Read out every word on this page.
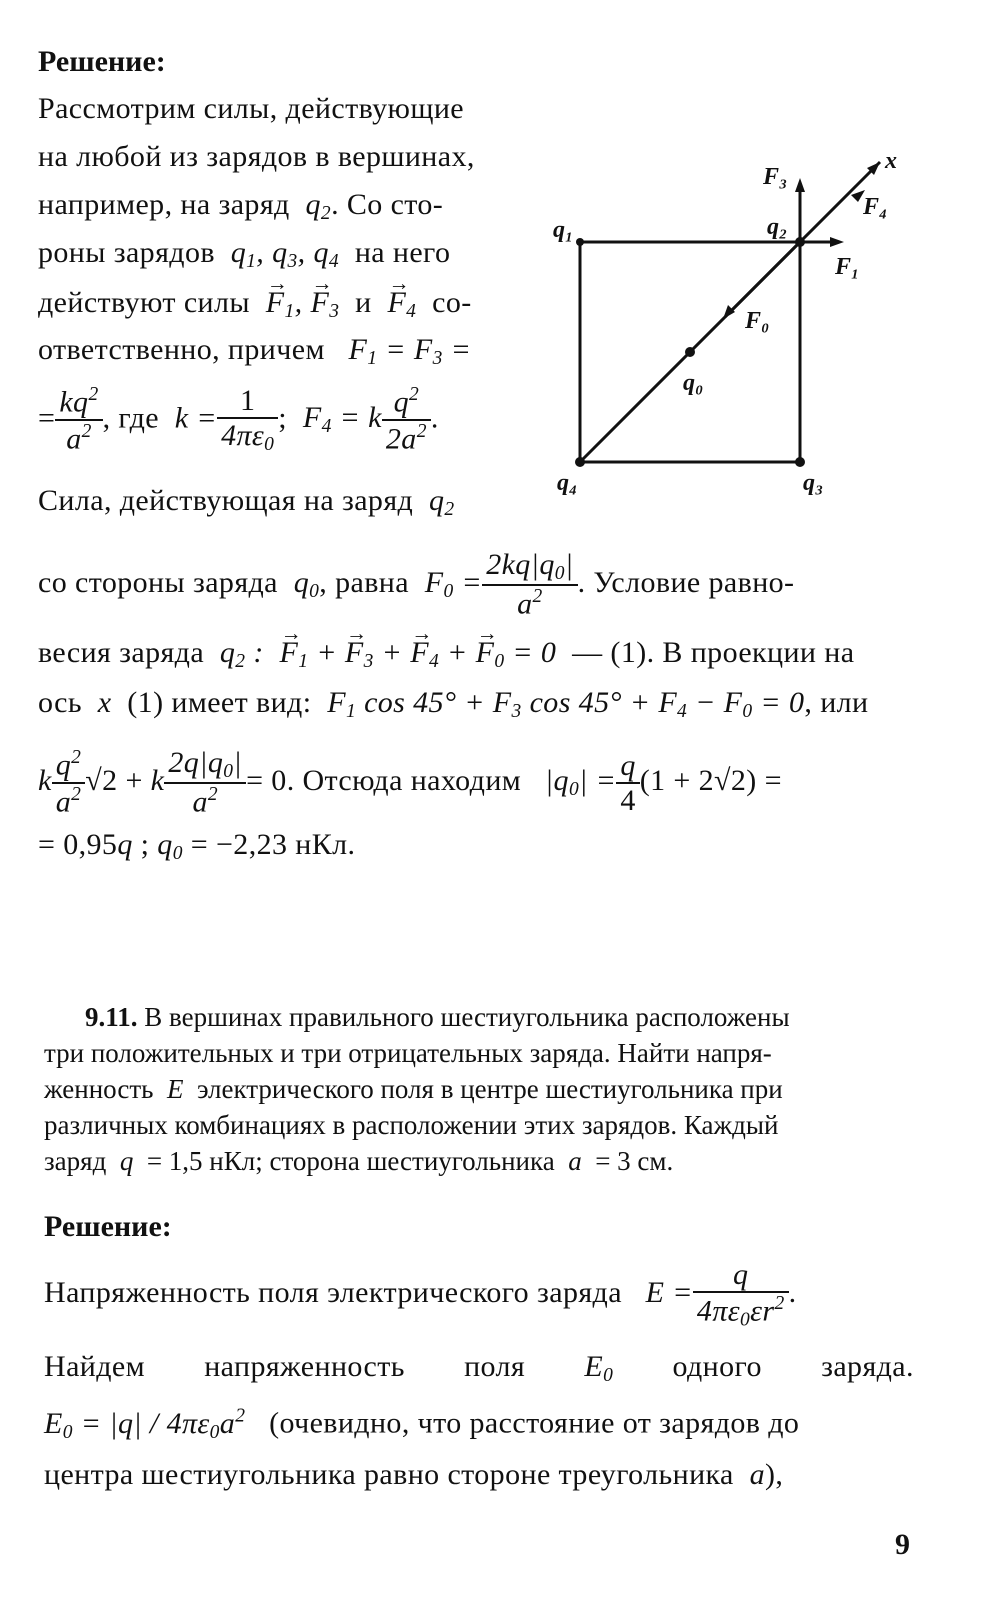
Решение:
Рассмотрим силы, действующие
на любой из зарядов в вершинах,
например, на заряд  $q_2$. Со сто-
роны зарядов  $q_1$, $q_3$, $q_4$ на него
действуют силы → $F_1$, → $F_3$ $и \to F_4$ со-
ответственно, причем   $F_1 = F_3$ =
= $\frac{kq^2}{a^2}$ , где  $k = \frac{1}{4\pi\varepsilon_0}$ ;  $F_4 = k \frac{q^2}{2a^2}$ .
Сила, действующая на заряд  $q_2$
q₁	q₂
q₃
q₄
q₀
x
F₃
F₄
F₁
F₀
со стороны заряда  $q_0$, равна  $F_0 = \frac{2kq|q_0|}{a^2}$ . Условие равно-
весия заряда  $q_2$ :  → $F_1$ + → $F_3$ + → $F_4$ + → $F_0 = 0$  — (1). В проекции на
ось  x  (1) имеет вид:  $F_1$ $\cos 45^\circ + F_3$ $\cos 45^\circ + F_4 - F_0 = 0$, или
k $\frac{q^2}{a^2} √2 + k \frac{2q|q_0|}{a^2} = 0$. Отсюда находим   $|q_0| = \frac{q}{4} (1 + 2√2)$ =
= 0,95q ; $q_0 = -2,23$ нКл.
9.11. В вершинах правильного шестиугольника расположены
три положительных и три отрицательных заряда. Найти напря-
женность  E  электрического поля в центре шестиугольника при
различных комбинациях в расположении этих зарядов. Каждый
заряд  q  = 1,5 нКл; сторона шестиугольника  a  = 3 см.
Решение:
Напряженность поля электрического заряда   $E = \frac{q}{4\pi\varepsilon_0\varepsilon r^2}$ .
Найдем напряженность поля $E_0$ одного заряда.
$E_0 = |q| / 4\pi\varepsilon_0a^2$ (очевидно, что расстояние от зарядов до
центра шестиугольника равно стороне треугольника  a),
9
